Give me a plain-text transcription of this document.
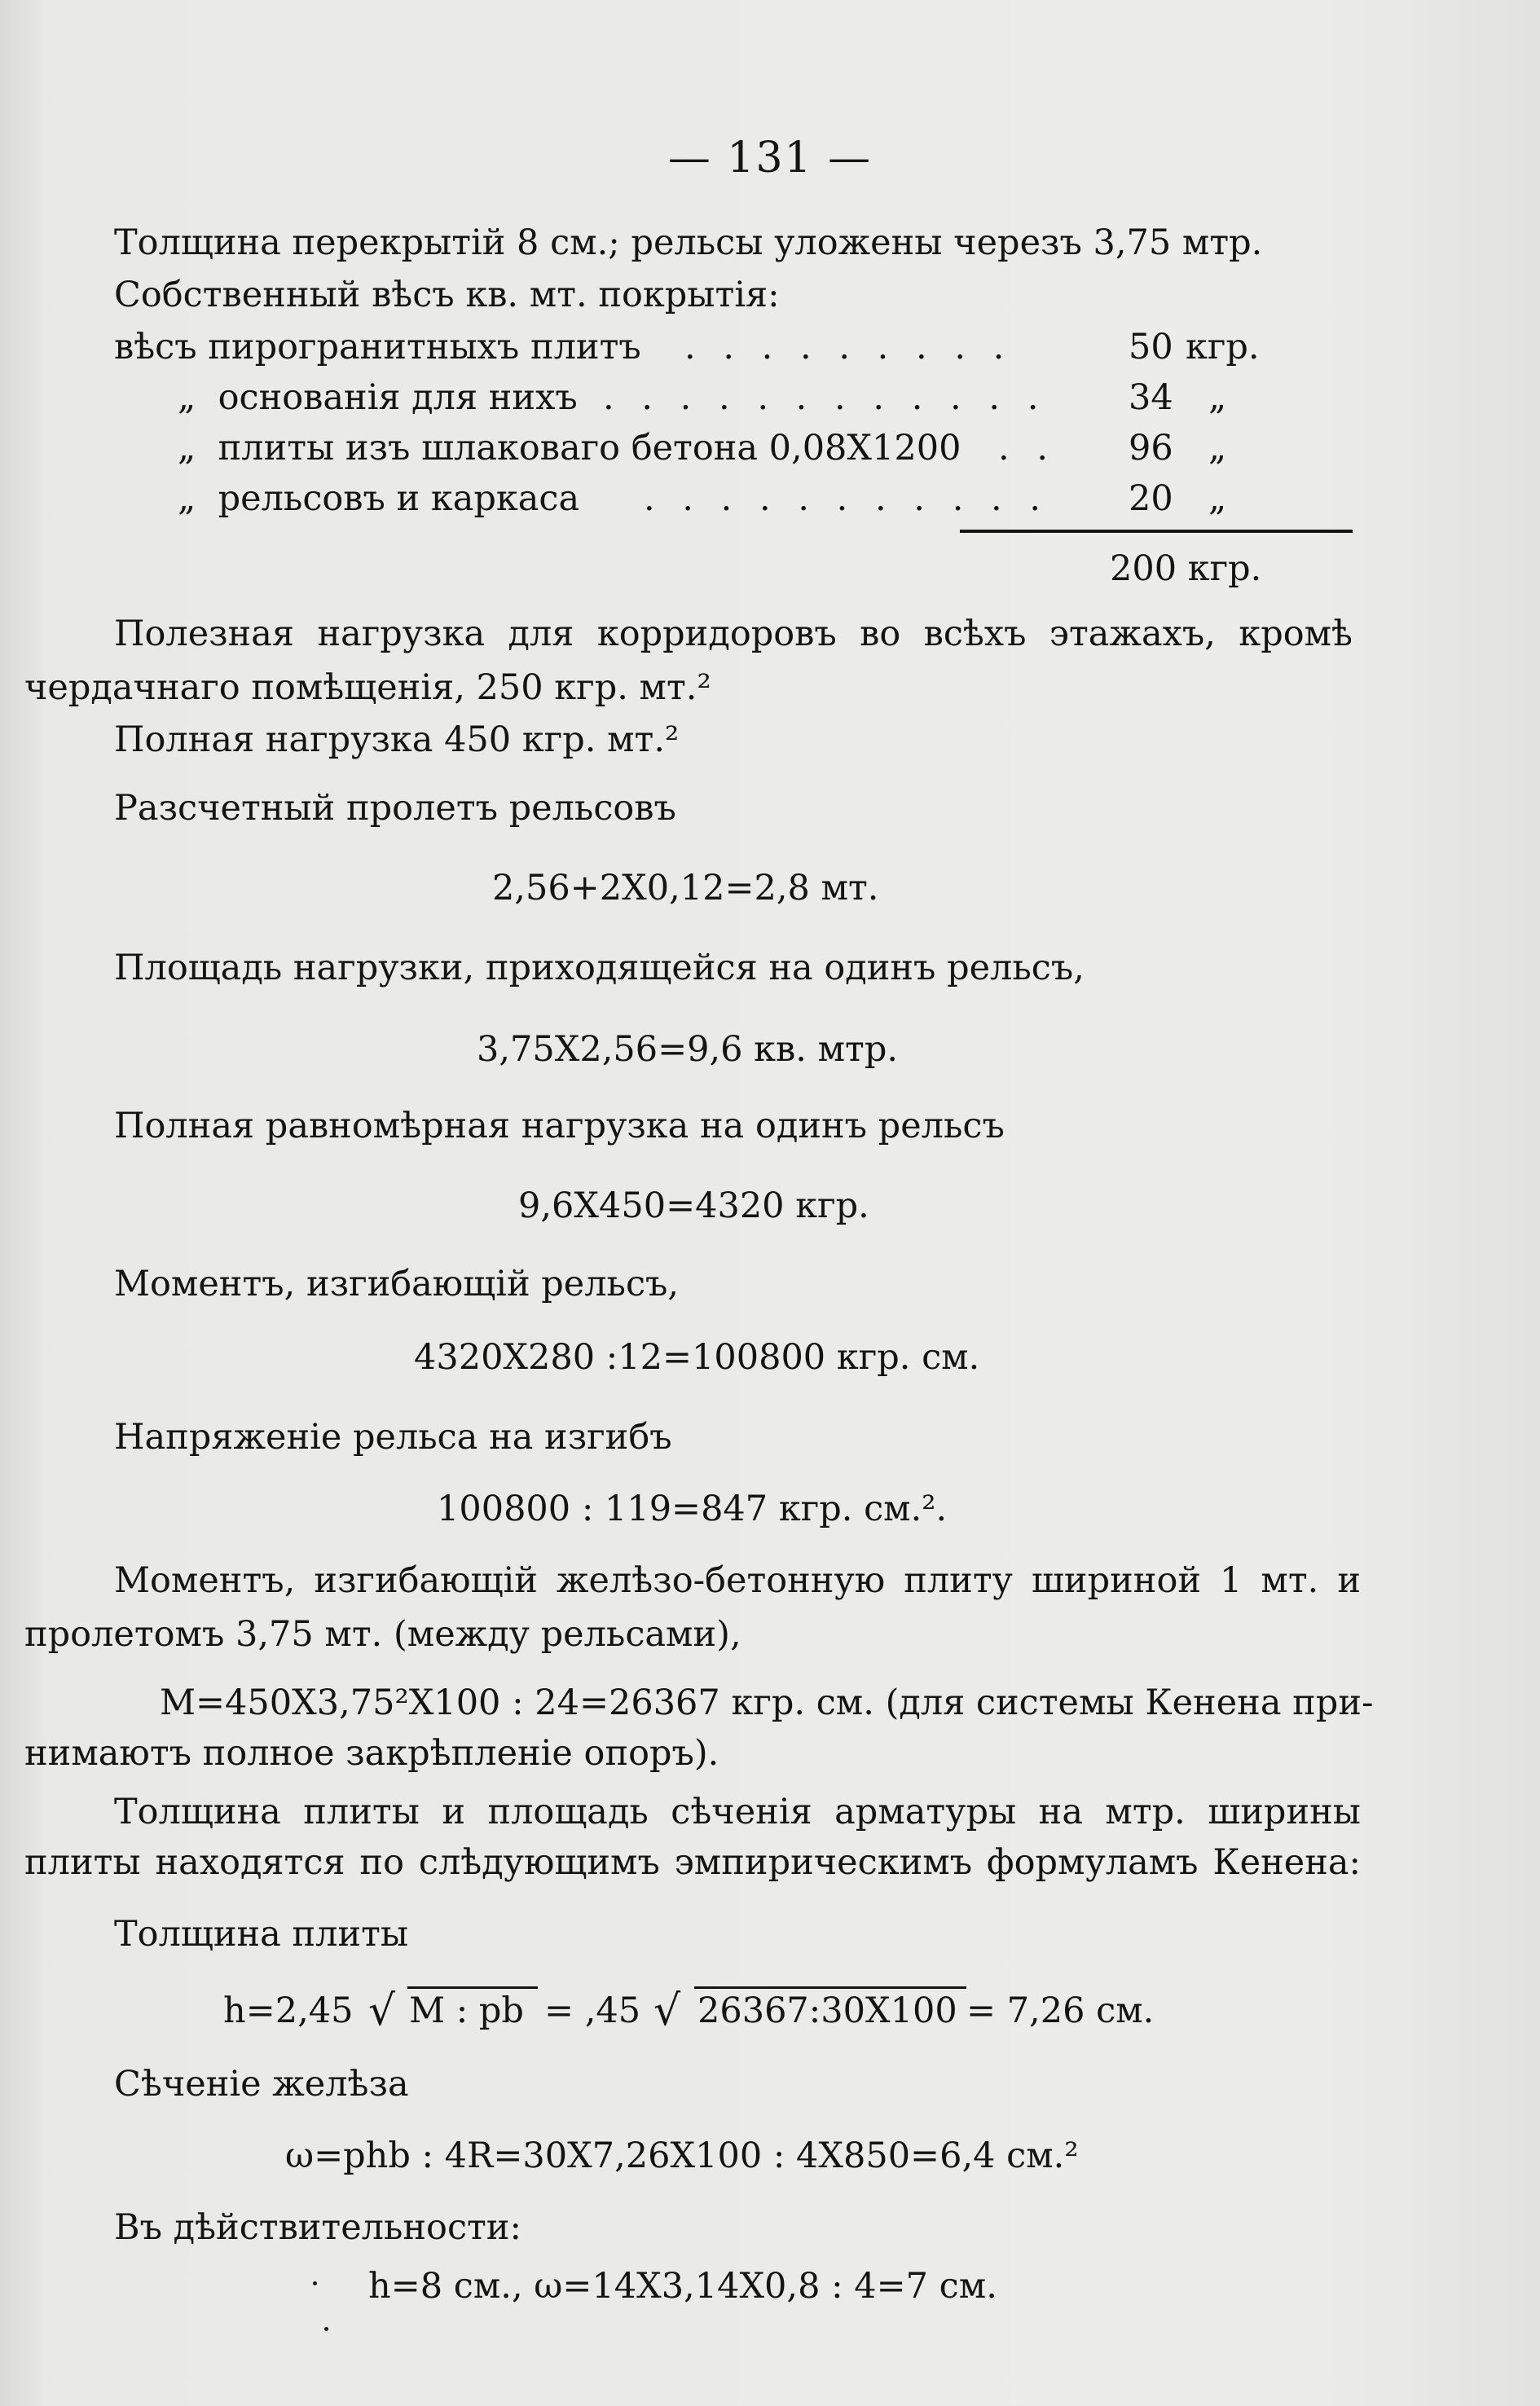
— 131 —
Толщина перекрытій 8 см.; рельсы уложены черезъ 3,75 мтр.
Собственный вѣсъ кв. мт. покрытія:
вѣсъ пирогранитныхъ плитъ . . . . . . . . .	50 кгр.
„  основанія для нихъ . . . . . . . . . . . . 34 „
„  плиты изъ шлаковаго бетона 0,08Х1200 . . 96 „
„  рельсовъ и каркаса . . . . . . . . . . . 20 „
200 кгр.
Полезная нагрузка для корридоровъ во всѣхъ этажахъ, кромѣ
чердачнаго помѣщенія, 250 кгр. мт.²
Полная нагрузка 450 кгр. мт.²
Разсчетный пролетъ рельсовъ
2,56+2Х0,12=2,8 мт.
Площадь нагрузки, приходящейся на одинъ рельсъ,
3,75Х2,56=9,6 кв. мтр.
Полная равномѣрная нагрузка на одинъ рельсъ
9,6Х450=4320 кгр.
Моментъ, изгибающій рельсъ,
4320Х280 :12=100800 кгр. см.
Напряженіе рельса на изгибъ
100800 : 119=847 кгр. см.².
Моментъ, изгибающій желѣзо-бетонную плиту шириной 1 мт. и
пролетомъ 3,75 мт. (между рельсами),
М=450Х3,75²Х100 : 24=26367 кгр. см. (для системы Кенена при-
нимаютъ полное закрѣпленіе опоръ).
Толщина плиты и площадь сѣченія арматуры на мтр. ширины
плиты находятся по слѣдующимъ эмпирическимъ формуламъ Кенена:
Толщина плиты
h=2,45 √ М : pb = ,45 √ 26367:30Х100 = 7,26 см.
Сѣченіе желѣза
ω=phb : 4R=30Х7,26Х100 : 4Х850=6,4 см.²
Въ дѣйствительности:
h=8 см., ω=14Х3,14Х0,8 : 4=7 см.
